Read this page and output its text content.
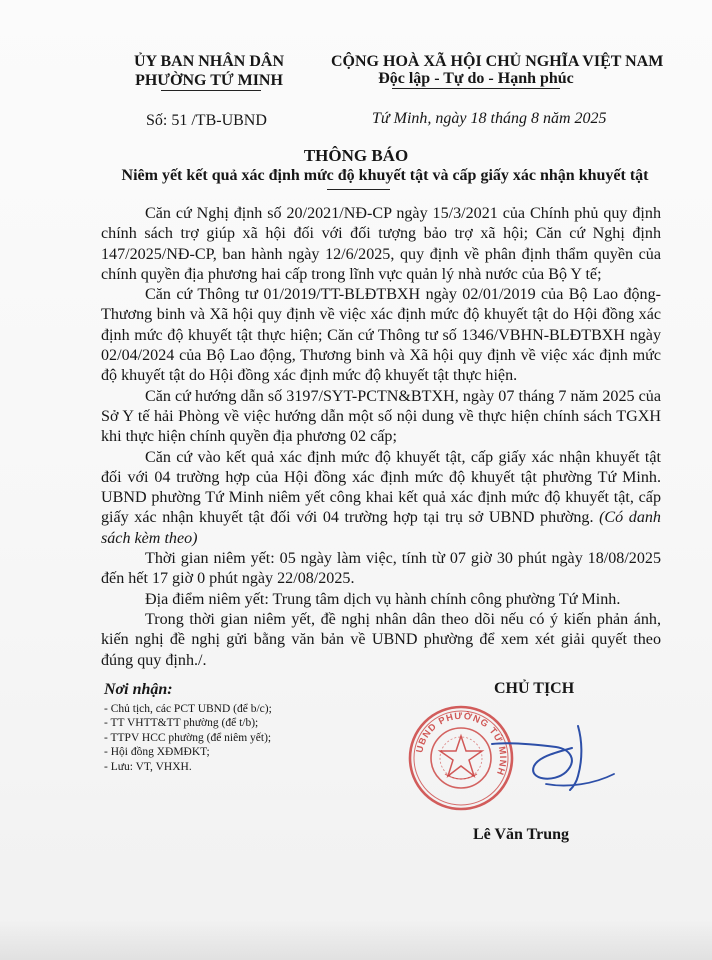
ỦY BAN NHÂN DÂN
PHƯỜNG TỨ MINH
CỘNG HOÀ XÃ HỘI CHỦ NGHĨA VIỆT NAM
Độc lập - Tự do - Hạnh phúc
Số: 51 /TB-UBND	Tứ Minh, ngày 18 tháng 8 năm 2025
THÔNG BÁO
Niêm yết kết quả xác định mức độ khuyết tật và cấp giấy xác nhận khuyết tật

Căn cứ Nghị định số 20/2021/NĐ-CP ngày 15/3/2021 của Chính phủ quy định chính sách trợ giúp xã hội đối với đối tượng bảo trợ xã hội; Căn cứ Nghị định 147/2025/NĐ-CP, ban hành ngày 12/6/2025, quy định về phân định thẩm quyền của chính quyền địa phương hai cấp trong lĩnh vực quản lý nhà nước của Bộ Y tế;

Căn cứ Thông tư 01/2019/TT-BLĐTBXH ngày 02/01/2019 của Bộ Lao động-Thương binh và Xã hội quy định về việc xác định mức độ khuyết tật do Hội đồng xác định mức độ khuyết tật thực hiện; Căn cứ Thông tư số 1346/VBHN-BLĐTBXH ngày 02/04/2024 của Bộ Lao động, Thương binh và Xã hội quy định về việc xác định mức độ khuyết tật do Hội đồng xác định mức độ khuyết tật thực hiện.

Căn cứ hướng dẫn số 3197/SYT-PCTN&BTXH, ngày 07 tháng 7 năm 2025 của Sở Y tế hải Phòng về việc hướng dẫn một số nội dung về thực hiện chính sách TGXH khi thực hiện chính quyền địa phương 02 cấp;

Căn cứ vào kết quả xác định mức độ khuyết tật, cấp giấy xác nhận khuyết tật đối với 04 trường hợp của Hội đồng xác định mức độ khuyết tật phường Tứ Minh. UBND phường Tứ Minh niêm yết công khai kết quả xác định mức độ khuyết tật, cấp giấy xác nhận khuyết tật đối với 04 trường hợp tại trụ sở UBND phường. (Có danh sách kèm theo)

Thời gian niêm yết: 05 ngày làm việc, tính từ 07 giờ 30 phút ngày 18/08/2025 đến hết 17 giờ 0 phút ngày 22/08/2025.

Địa điểm niêm yết: Trung tâm dịch vụ hành chính công phường Tứ Minh.

Trong thời gian niêm yết, đề nghị nhân dân theo dõi nếu có ý kiến phản ánh, kiến nghị đề nghị gửi bằng văn bản về UBND phường để xem xét giải quyết theo đúng quy định./.

Nơi nhận:
- Chủ tịch, các PCT UBND (để b/c);
- TT VHTT&TT phường (để t/b);
- TTPV HCC phường (để niêm yết);
- Hội đồng XĐMĐKT;
- Lưu: VT, VHXH.
CHỦ TỊCH
UBND PHƯỜNG TỨ MINH
Lê Văn Trung
